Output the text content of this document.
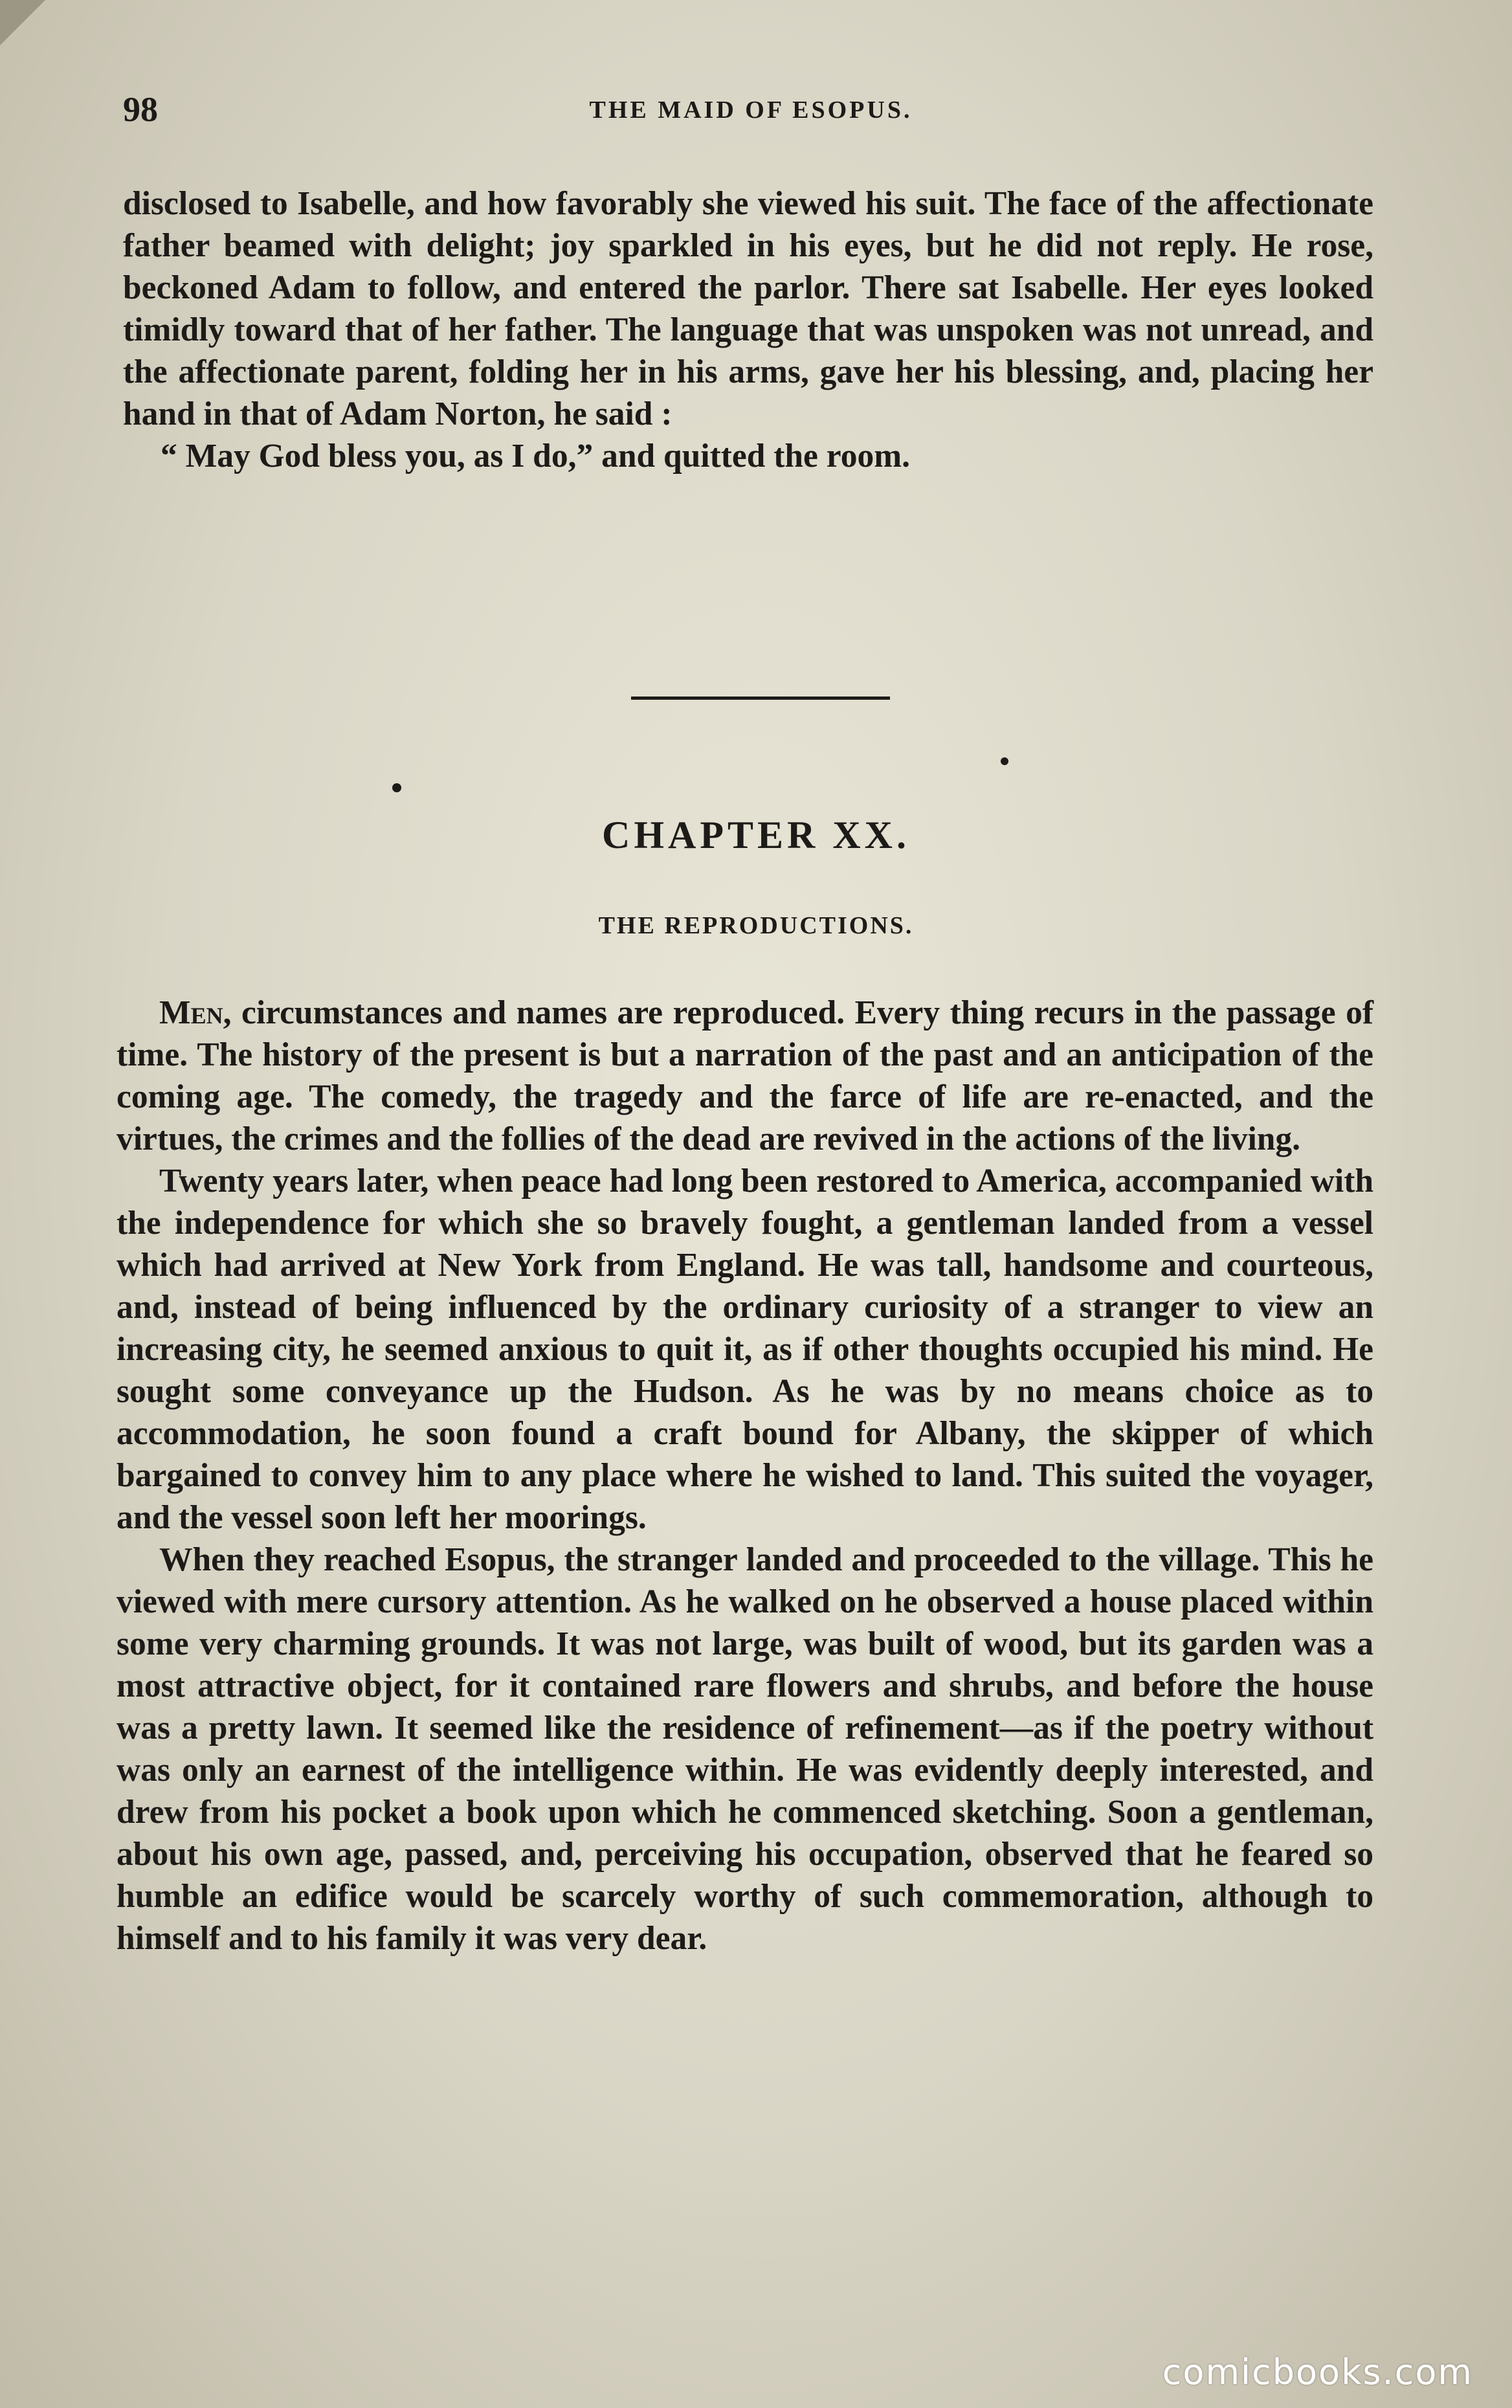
98	THE MAID OF ESOPUS.

disclosed to Isabelle, and how favorably she viewed his suit. The face of the affectionate father beamed with delight; joy sparkled in his eyes, but he did not reply. He rose, beckoned Adam to follow, and entered the parlor. There sat Isabelle. Her eyes looked timidly toward that of her father. The language that was unspoken was not unread, and the affectionate parent, folding her in his arms, gave her his blessing, and, placing her hand in that of Adam Norton, he said :

“ May God bless you, as I do,” and quitted the room.

CHAPTER XX.
THE REPRODUCTIONS.

Men, circumstances and names are reproduced. Every thing recurs in the passage of time. The history of the present is but a narration of the past and an anticipation of the coming age. The comedy, the tragedy and the farce of life are re-enacted, and the virtues, the crimes and the follies of the dead are revived in the actions of the living.

Twenty years later, when peace had long been restored to America, accompanied with the independence for which she so bravely fought, a gentleman landed from a vessel which had arrived at New York from England. He was tall, handsome and courteous, and, instead of being influenced by the ordinary curiosity of a stranger to view an increasing city, he seemed anxious to quit it, as if other thoughts occupied his mind. He sought some conveyance up the Hudson. As he was by no means choice as to accommodation, he soon found a craft bound for Albany, the skipper of which bargained to convey him to any place where he wished to land. This suited the voyager, and the vessel soon left her moorings.

When they reached Esopus, the stranger landed and proceeded to the village. This he viewed with mere cursory attention. As he walked on he observed a house placed within some very charming grounds. It was not large, was built of wood, but its garden was a most attractive object, for it contained rare flowers and shrubs, and before the house was a pretty lawn. It seemed like the residence of refinement—as if the poetry without was only an earnest of the intelligence within. He was evidently deeply interested, and drew from his pocket a book upon which he commenced sketching. Soon a gentleman, about his own age, passed, and, perceiving his occupation, observed that he feared so humble an edifice would be scarcely worthy of such commemoration, although to himself and to his family it was very dear.

comicbooks.com
